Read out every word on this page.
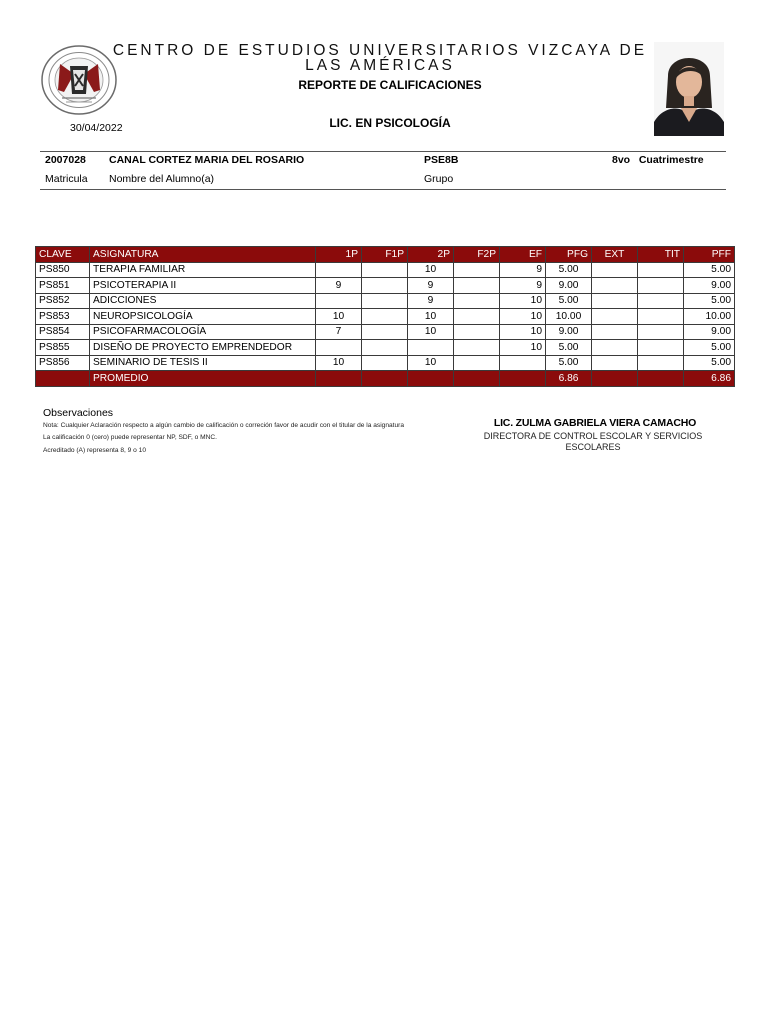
CENTRO DE ESTUDIOS UNIVERSITARIOS VIZCAYA DE LAS AMÉRICAS
REPORTE DE CALIFICACIONES
30/04/2022	LIC. EN PSICOLOGÍA
2007028 CANAL CORTEZ MARIA DEL ROSARIO	PSE8B	8vo   Cuatrimestre
Matricula Nombre del Alumno(a)	Grupo
CLAVE	ASIGNATURA	1P	F1P	2P	F2P	EF	PFG	EXT	TIT	PFF
PS850	TERAPIA FAMILIAR			10		9	5.00			5.00
PS851	PSICOTERAPIA II	9		9		9	9.00			9.00
PS852	ADICCIONES			9		10	5.00			5.00
PS853	NEUROPSICOLOGÍA	10		10		10	10.00			10.00
PS854	PSICOFARMACOLOGÍA	7		10		10	9.00			9.00
PS855	DISEÑO DE PROYECTO EMPRENDEDOR					10	5.00			5.00
PS856	SEMINARIO DE TESIS II	10		10			5.00			5.00
	PROMEDIO						6.86			6.86
Observaciones
Nota: Cualquier Aclaración respecto a algún cambio de calificación o correción favor de acudir con el titular de la asignatura
La calificación 0 (cero) puede representar NP, SDF, o MNC.
Acreditado (A) representa 8, 9 o 10
LIC. ZULMA GABRIELA VIERA CAMACHO
DIRECTORA DE CONTROL ESCOLAR Y SERVICIOS ESCOLARES
